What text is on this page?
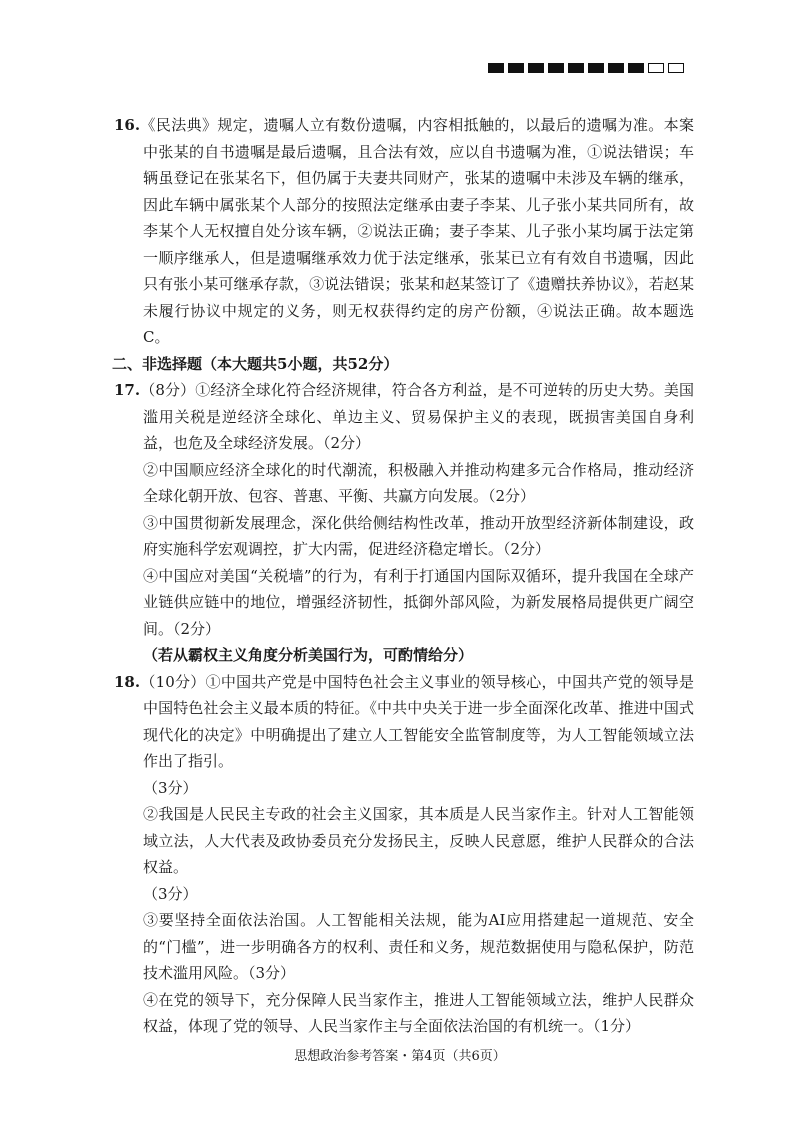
16.《民法典》规定，遗嘱人立有数份遗嘱，内容相抵触的，以最后的遗嘱为准。本案中张某的自书遗嘱是最后遗嘱，且合法有效，应以自书遗嘱为准，①说法错误；车辆虽登记在张某名下，但仍属于夫妻共同财产，张某的遗嘱中未涉及车辆的继承，因此车辆中属张某个人部分的按照法定继承由妻子李某、儿子张小某共同所有，故李某个人无权擅自处分该车辆，②说法正确；妻子李某、儿子张小某均属于法定第一顺序继承人，但是遗嘱继承效力优于法定继承，张某已立有有效自书遗嘱，因此只有张小某可继承存款，③说法错误；张某和赵某签订了《遗赠扶养协议》，若赵某未履行协议中规定的义务，则无权获得约定的房产份额，④说法正确。故本题选C。

二、非选择题（本大题共5小题，共52分）

17.（8分）①经济全球化符合经济规律，符合各方利益，是不可逆转的历史大势。美国滥用关税是逆经济全球化、单边主义、贸易保护主义的表现，既损害美国自身利益，也危及全球经济发展。（2分）

②中国顺应经济全球化的时代潮流，积极融入并推动构建多元合作格局，推动经济全球化朝开放、包容、普惠、平衡、共赢方向发展。（2分）

③中国贯彻新发展理念，深化供给侧结构性改革，推动开放型经济新体制建设，政府实施科学宏观调控，扩大内需，促进经济稳定增长。（2分）

④中国应对美国“关税墙”的行为，有利于打通国内国际双循环，提升我国在全球产业链供应链中的地位，增强经济韧性，抵御外部风险，为新发展格局提供更广阔空间。（2分）

（若从霸权主义角度分析美国行为，可酌情给分）

18.（10分）①中国共产党是中国特色社会主义事业的领导核心，中国共产党的领导是中国特色社会主义最本质的特征。《中共中央关于进一步全面深化改革、推进中国式现代化的决定》中明确提出了建立人工智能安全监管制度等，为人工智能领域立法作出了指引。

（3分）

②我国是人民民主专政的社会主义国家，其本质是人民当家作主。针对人工智能领域立法，人大代表及政协委员充分发扬民主，反映人民意愿，维护人民群众的合法权益。

（3分）

③要坚持全面依法治国。人工智能相关法规，能为AI应用搭建起一道规范、安全的“门槛”，进一步明确各方的权利、责任和义务，规范数据使用与隐私保护，防范技术滥用风险。（3分）

④在党的领导下，充分保障人民当家作主，推进人工智能领域立法，维护人民群众权益，体现了党的领导、人民当家作主与全面依法治国的有机统一。（1分）

思想政治参考答案・第4页（共6页）
